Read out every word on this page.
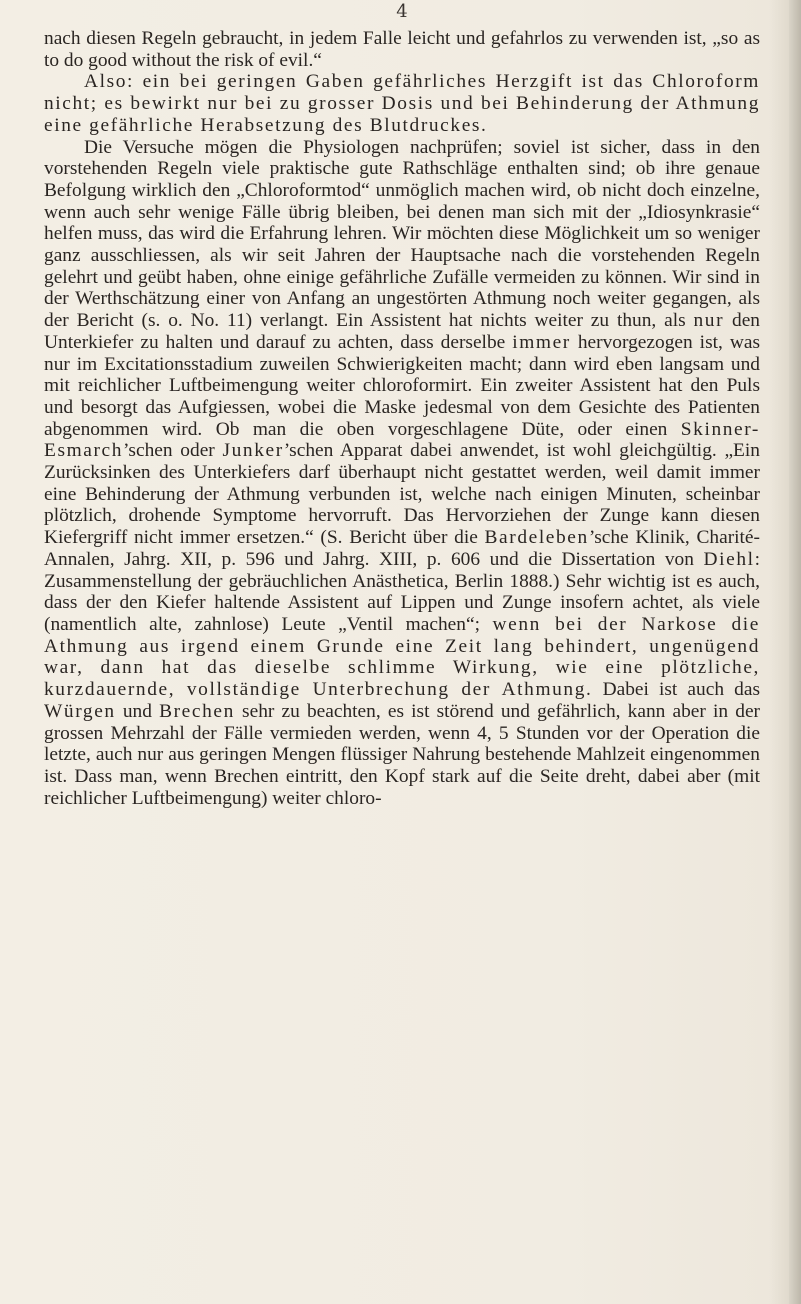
4

nach diesen Regeln gebraucht, in jedem Falle leicht und gefahrlos zu verwenden ist, „so as to do good without the risk of evil.“

Also: ein bei geringen Gaben gefährliches Herzgift ist das Chloroform nicht; es bewirkt nur bei zu grosser Dosis und bei Behinderung der Athmung eine gefährliche Herabsetzung des Blutdruckes.

Die Versuche mögen die Physiologen nachprüfen; soviel ist sicher, dass in den vorstehenden Regeln viele praktische gute Rathschläge enthalten sind; ob ihre genaue Befolgung wirklich den „Chloroformtod“ unmöglich machen wird, ob nicht doch einzelne, wenn auch sehr wenige Fälle übrig bleiben, bei denen man sich mit der „Idiosynkrasie“ helfen muss, das wird die Erfahrung lehren. Wir möchten diese Möglichkeit um so weniger ganz ausschliessen, als wir seit Jahren der Hauptsache nach die vorstehenden Regeln gelehrt und geübt haben, ohne einige gefährliche Zufälle vermeiden zu können. Wir sind in der Werthschätzung einer von Anfang an ungestörten Athmung noch weiter gegangen, als der Bericht (s. o. No. 11) verlangt. Ein Assistent hat nichts weiter zu thun, als nur den Unterkiefer zu halten und darauf zu achten, dass derselbe immer hervorgezogen ist, was nur im Excitationsstadium zuweilen Schwierigkeiten macht; dann wird eben langsam und mit reichlicher Luftbeimengung weiter chloroformirt. Ein zweiter Assistent hat den Puls und besorgt das Aufgiessen, wobei die Maske jedesmal von dem Gesichte des Patienten abgenommen wird. Ob man die oben vorgeschlagene Düte, oder einen Skinner-Esmarch’schen oder Junker’schen Apparat dabei anwendet, ist wohl gleichgültig. „Ein Zurücksinken des Unterkiefers darf überhaupt nicht gestattet werden, weil damit immer eine Behinderung der Athmung verbunden ist, welche nach einigen Minuten, scheinbar plötzlich, drohende Symptome hervorruft. Das Hervorziehen der Zunge kann diesen Kiefergriff nicht immer ersetzen.“ (S. Bericht über die Bardeleben’sche Klinik, Charité-Annalen, Jahrg. XII, p. 596 und Jahrg. XIII, p. 606 und die Dissertation von Diehl: Zusammenstellung der gebräuchlichen Anästhetica, Berlin 1888.) Sehr wichtig ist es auch, dass der den Kiefer haltende Assistent auf Lippen und Zunge insofern achtet, als viele (namentlich alte, zahnlose) Leute „Ventil machen“; wenn bei der Narkose die Athmung aus irgend einem Grunde eine Zeit lang behindert, ungenügend war, dann hat das dieselbe schlimme Wirkung, wie eine plötzliche, kurzdauernde, vollständige Unterbrechung der Athmung. Dabei ist auch das Würgen und Brechen sehr zu beachten, es ist störend und gefährlich, kann aber in der grossen Mehrzahl der Fälle vermieden werden, wenn 4, 5 Stunden vor der Operation die letzte, auch nur aus geringen Mengen flüssiger Nahrung bestehende Mahlzeit eingenommen ist. Dass man, wenn Brechen eintritt, den Kopf stark auf die Seite dreht, dabei aber (mit reichlicher Luftbeimengung) weiter chloro-
